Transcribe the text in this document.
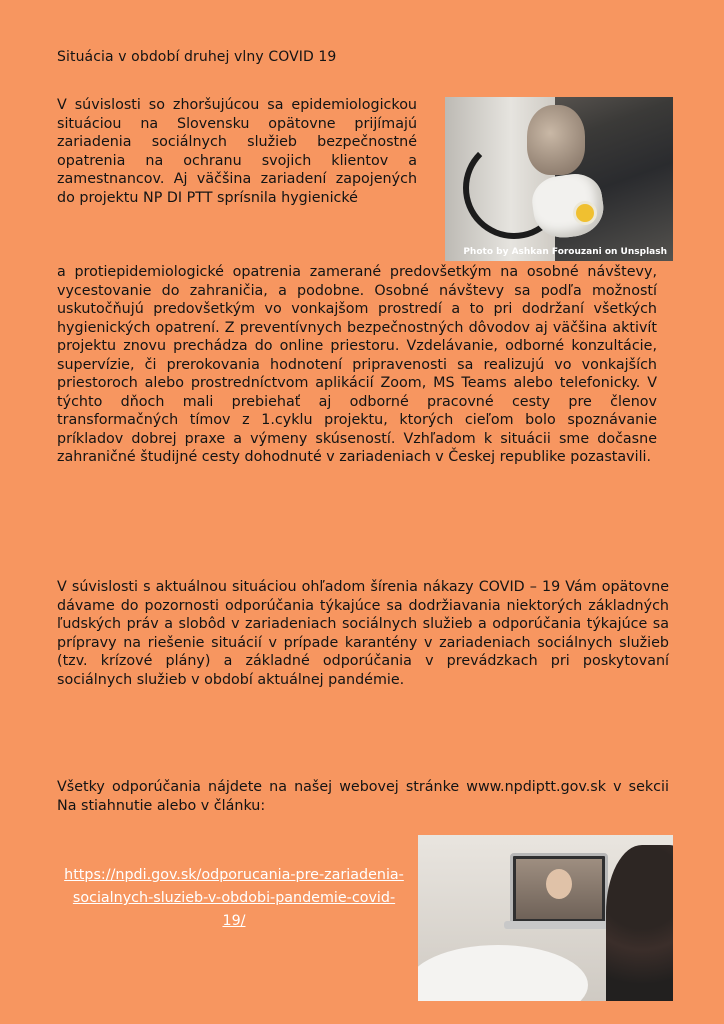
Situácia v období druhej vlny COVID 19
Photo by Ashkan Forouzani on Unsplash
V súvislosti so zhoršujúcou sa epidemiologickou situáciou na Slovensku opätovne prijímajú zariadenia sociálnych služieb bezpečnostné opatrenia na ochranu svojich klientov a zamestnancov. Aj väčšina zariadení zapojených do projektu NP DI PTT sprísnila hygienické
a protiepidemiologické opatrenia zamerané predovšetkým na osobné návštevy, vycestovanie do zahraničia, a podobne. Osobné návštevy sa podľa možností uskutočňujú predovšetkým vo vonkajšom prostredí a to pri dodržaní všetkých hygienických opatrení. Z preventívnych bezpečnostných dôvodov aj väčšina aktivít projektu znovu prechádza do online priestoru. Vzdelávanie, odborné konzultácie, supervízie, či prerokovania hodnotení pripravenosti sa realizujú vo vonkajších priestoroch alebo prostredníctvom aplikácií Zoom, MS Teams alebo telefonicky. V týchto dňoch mali prebiehať aj odborné pracovné cesty pre členov transformačných tímov z 1.cyklu projektu, ktorých cieľom bolo spoznávanie príkladov dobrej praxe a výmeny skúseností. Vzhľadom k situácii sme dočasne zahraničné študijné cesty dohodnuté v zariadeniach v Českej republike pozastavili.
V súvislosti s aktuálnou situáciou ohľadom šírenia nákazy COVID – 19 Vám opätovne dávame do pozornosti odporúčania týkajúce sa dodržiavania niektorých základných ľudských práv a slobôd v zariadeniach sociálnych služieb a odporúčania týkajúce sa prípravy na riešenie situácií v prípade karantény v zariadeniach sociálnych služieb (tzv. krízové plány) a základné odporúčania v prevádzkach pri poskytovaní sociálnych služieb v období aktuálnej pandémie.
Všetky odporúčania nájdete na našej webovej stránke www.npdiptt.gov.sk v sekcii Na stiahnutie alebo v článku:
https://npdi.gov.sk/odporucania-pre-zariadenia-socialnych-sluzieb-v-obdobi-pandemie-covid-19/
